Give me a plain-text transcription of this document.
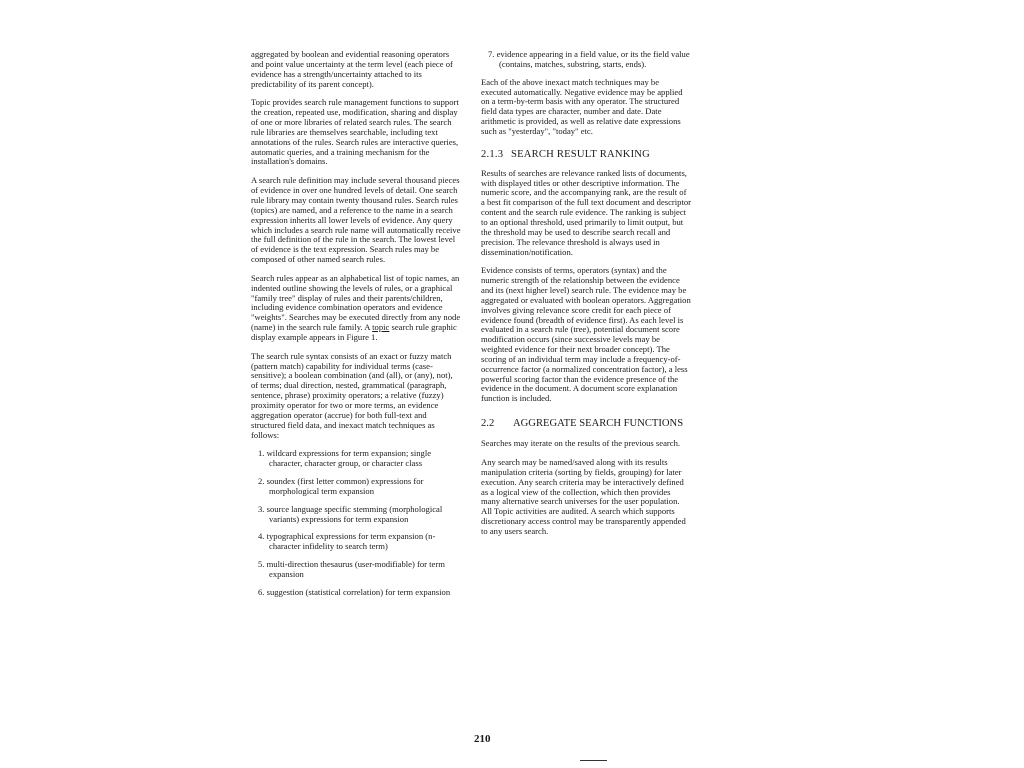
aggregated by boolean and evidential reasoning operators and point value uncertainty at the term level (each piece of evidence has a strength/uncertainty attached to its predictability of its parent concept).

Topic provides search rule management functions to support the creation, repeated use, modification, sharing and display of one or more libraries of related search rules. The search rule libraries are themselves searchable, including text annotations of the rules. Search rules are interactive queries, automatic queries, and a training mechanism for the installation's domains.

A search rule definition may include several thousand pieces of evidence in over one hundred levels of detail. One search rule library may contain twenty thousand rules. Search rules (topics) are named, and a reference to the name in a search expression inherits all lower levels of evidence. Any query which includes a search rule name will automatically receive the full definition of the rule in the search. The lowest level of evidence is the text expression. Search rules may be composed of other named search rules.

Search rules appear as an alphabetical list of topic names, an indented outline showing the levels of rules, or a graphical "family tree" display of rules and their parents/children, including evidence combination operators and evidence "weights". Searches may be executed directly from any node (name) in the search rule family. A topic search rule graphic display example appears in Figure 1.

The search rule syntax consists of an exact or fuzzy match (pattern match) capability for individual terms (case-sensitive); a boolean combination (and (all), or (any), not), of terms; dual direction, nested, grammatical (paragraph, sentence, phrase) proximity operators; a relative (fuzzy) proximity operator for two or more terms, an evidence aggregation operator (accrue) for both full-text and structured field data, and inexact match techniques as follows:

1. wildcard expressions for term expansion; single character, character group, or character class
2. soundex (first letter common) expressions for morphological term expansion
3. source language specific stemming (morphological variants) expressions for term expansion
4. typographical expressions for term expansion (n-character infidelity to search term)
5. multi-direction thesaurus (user-modifiable) for term expansion
6. suggestion (statistical correlation) for term expansion
7. evidence appearing in a field value, or its the field value (contains, matches, substring, starts, ends).

Each of the above inexact match techniques may be executed automatically. Negative evidence may be applied on a term-by-term basis with any operator. The structured field data types are character, number and date. Date arithmetic is provided, as well as relative date expressions such as "yesterday", "today" etc.

2.1.3 SEARCH RESULT RANKING

Results of searches are relevance ranked lists of documents, with displayed titles or other descriptive information. The numeric score, and the accompanying rank, are the result of a best fit comparison of the full text document and descriptor content and the search rule evidence. The ranking is subject to an optional threshold, used primarily to limit output, but the threshold may be used to describe search recall and precision. The relevance threshold is always used in dissemination/notification.

Evidence consists of terms, operators (syntax) and the numeric strength of the relationship between the evidence and its (next higher level) search rule. The evidence may be aggregated or evaluated with boolean operators. Aggregation involves giving relevance score credit for each piece of evidence found (breadth of evidence first). As each level is evaluated in a search rule (tree), potential document score modification occurs (since successive levels may be weighted evidence for their next broader concept). The scoring of an individual term may include a frequency-of-occurrence factor (a normalized concentration factor), a less powerful scoring factor than the evidence presence of the evidence in the document. A document score explanation function is included.

2.2	AGGREGATE SEARCH FUNCTIONS

Searches may iterate on the results of the previous search.

Any search may be named/saved along with its results manipulation criteria (sorting by fields, grouping) for later execution. Any search criteria may be interactively defined as a logical view of the collection, which then provides many alternative search universes for the user population. All Topic activities are audited. A search which supports discretionary access control may be transparently appended to any users search.

210
